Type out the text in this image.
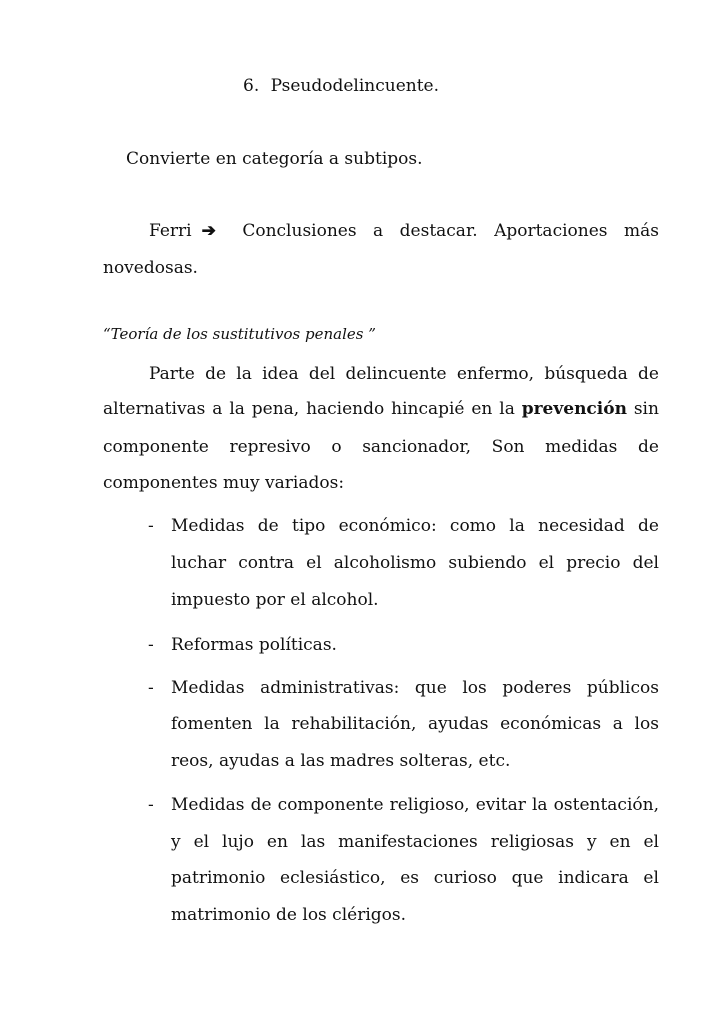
6. Pseudodelincuente.
Convierte en categoría a subtipos.
Ferri ➔	Conclusiones a destacar. Aportaciones más
novedosas.
“Teoría de los sustitutivos penales ”
Parte de la idea del delincuente enfermo, búsqueda de
alternativas a la pena, haciendo hincapié en la prevención sin
componente represivo o sancionador, Son medidas de
componentes muy variados:
- Medidas de tipo económico: como la necesidad de
luchar contra el alcoholismo subiendo el precio del
impuesto por el alcohol.
- Reformas políticas.
- Medidas administrativas: que los poderes públicos
fomenten la rehabilitación, ayudas económicas a los
reos, ayudas a las madres solteras, etc.
- Medidas de componente religioso, evitar la ostentación,
y el lujo en las manifestaciones religiosas y en el
patrimonio eclesiástico, es curioso que indicara el
matrimonio de los clérigos.
